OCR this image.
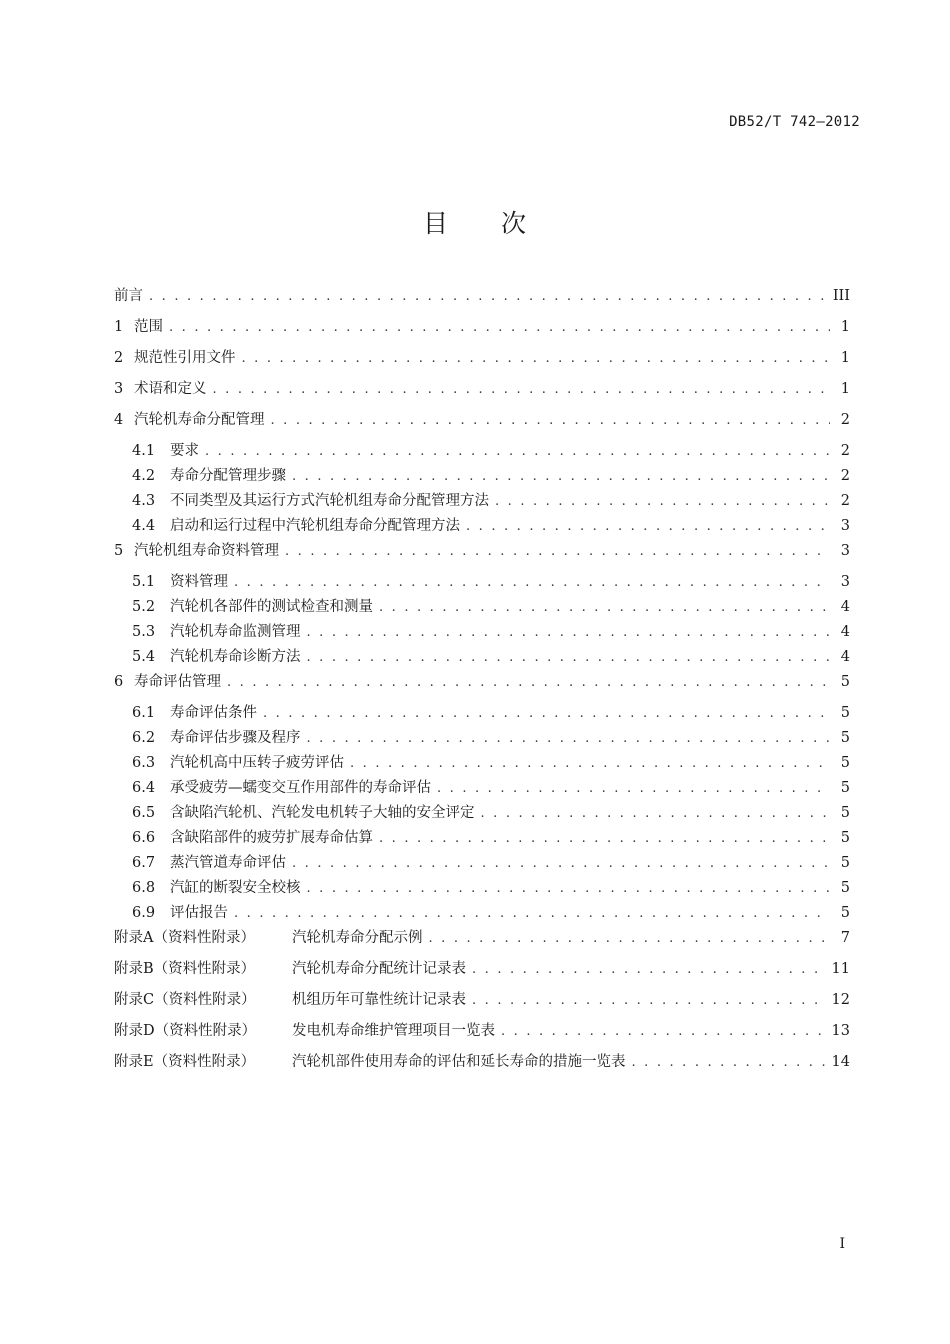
DB52/T 742—2012
目　　次
前言 . . .	III
1 范围 . . .	1
2 规范性引用文件 . . .	1
3 术语和定义 . . .	1
4 汽轮机寿命分配管理 . . .	2
4.1	要求 . . .	2
4.2	寿命分配管理步骤 . . .	2
4.3	不同类型及其运行方式汽轮机组寿命分配管理方法 . . .	2
4.4	启动和运行过程中汽轮机组寿命分配管理方法 . . .	3
5 汽轮机组寿命资料管理 . . .	3
5.1	资料管理 . . .	3
5.2	汽轮机各部件的测试检查和测量 . . .	4
5.3	汽轮机寿命监测管理 . . .	4
5.4	汽轮机寿命诊断方法 . . .	4
6 寿命评估管理 . . .	5
6.1	寿命评估条件 . . .	5
6.2	寿命评估步骤及程序 . . .	5
6.3	汽轮机高中压转子疲劳评估 . . .	5
6.4	承受疲劳—蠕变交互作用部件的寿命评估 . . .	5
6.5	含缺陷汽轮机、汽轮发电机转子大轴的安全评定 . . .	5
6.6	含缺陷部件的疲劳扩展寿命估算 . . .	5
6.7	蒸汽管道寿命评估 . . .	5
6.8	汽缸的断裂安全校核 . . .	5
6.9	评估报告 . . .	5
附录A（资料性附录）	汽轮机寿命分配示例 . . .	7
附录B（资料性附录）	汽轮机寿命分配统计记录表 . . .	11
附录C（资料性附录）	机组历年可靠性统计记录表 . . .	12
附录D（资料性附录）	发电机寿命维护管理项目一览表 . . .	13
附录E（资料性附录）	汽轮机部件使用寿命的评估和延长寿命的措施一览表 . . .	14
I
